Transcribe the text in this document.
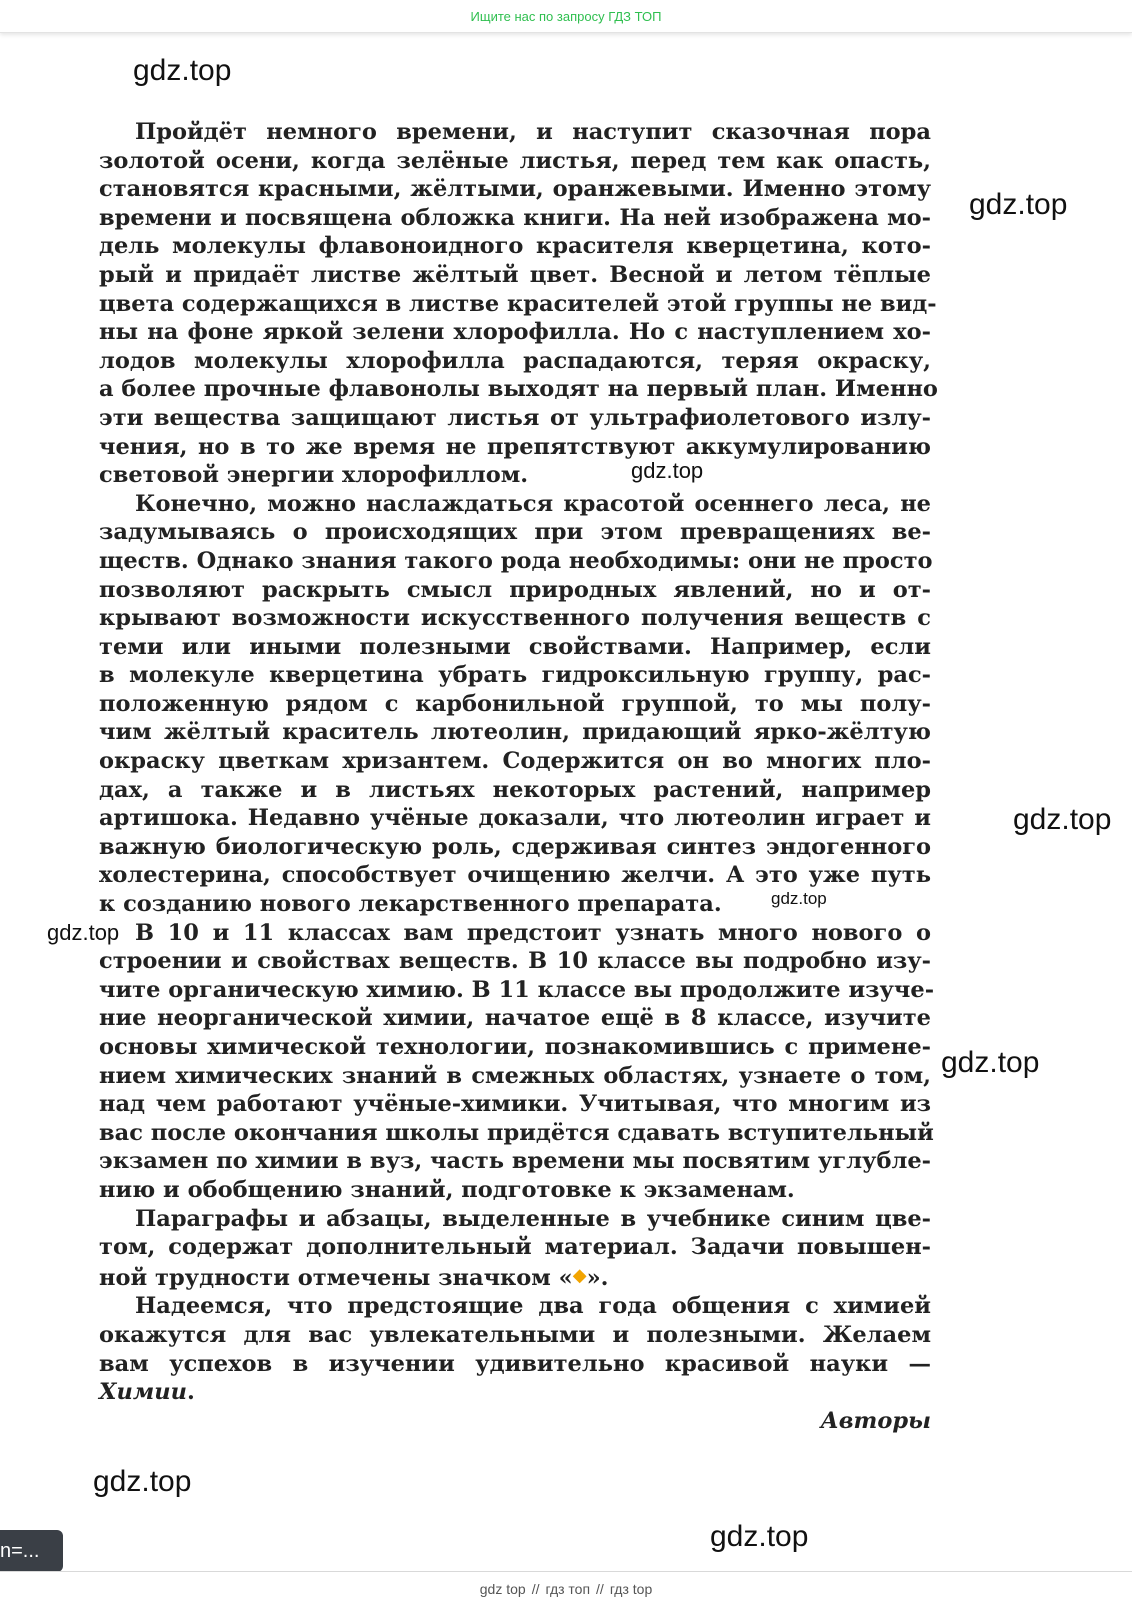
Ищите нас по запросу ГДЗ ТОП
gdz.top
gdz.top
gdz.top
gdz.top
gdz.top
gdz.top
gdz.top
gdz.top
gdz.top
Пройдёт немного времени, и наступит сказочная пора
золотой осени, когда зелёные листья, перед тем как опасть,
становятся красными, жёлтыми, оранжевыми. Именно этому
времени и посвящена обложка книги. На ней изображена мо-
дель молекулы флавоноидного красителя кверцетина, кото-
рый и придаёт листве жёлтый цвет. Весной и летом тёплые
цвета содержащихся в листве красителей этой группы не вид-
ны на фоне яркой зелени хлорофилла. Но с наступлением хо-
лодов молекулы хлорофилла распадаются, теряя окраску,
а более прочные флавонолы выходят на первый план. Именно
эти вещества защищают листья от ультрафиолетового излу-
чения, но в то же время не препятствуют аккумулированию
световой энергии хлорофиллом.
Конечно, можно наслаждаться красотой осеннего леса, не
задумываясь о происходящих при этом превращениях ве-
ществ. Однако знания такого рода необходимы: они не просто
позволяют раскрыть смысл природных явлений, но и от-
крывают возможности искусственного получения веществ с
теми или иными полезными свойствами. Например, если
в молекуле кверцетина убрать гидроксильную группу, рас-
положенную рядом с карбонильной группой, то мы полу-
чим жёлтый краситель лютеолин, придающий ярко-жёлтую
окраску цветкам хризантем. Содержится он во многих пло-
дах, а также и в листьях некоторых растений, например
артишока. Недавно учёные доказали, что лютеолин играет и
важную биологическую роль, сдерживая синтез эндогенного
холестерина, способствует очищению желчи. А это уже путь
к созданию нового лекарственного препарата.
В 10 и 11 классах вам предстоит узнать много нового о
строении и свойствах веществ. В 10 классе вы подробно изу-
чите органическую химию. В 11 классе вы продолжите изуче-
ние неорганической химии, начатое ещё в 8 классе, изучите
основы химической технологии, познакомившись с примене-
нием химических знаний в смежных областях, узнаете о том,
над чем работают учёные-химики. Учитывая, что многим из
вас после окончания школы придётся сдавать вступительный
экзамен по химии в вуз, часть времени мы посвятим углубле-
нию и обобщению знаний, подготовке к экзаменам.
Параграфы и абзацы, выделенные в учебнике синим цве-
том, содержат дополнительный материал. Задачи повышен-
ной трудности отмечены значком «◆».
Надеемся, что предстоящие два года общения с химией
окажутся для вас увлекательными и полезными. Желаем
вам успехов в изучении удивительно красивой науки —
Химии.
Авторы
n=...
gdz top // гдз топ // гдз top
